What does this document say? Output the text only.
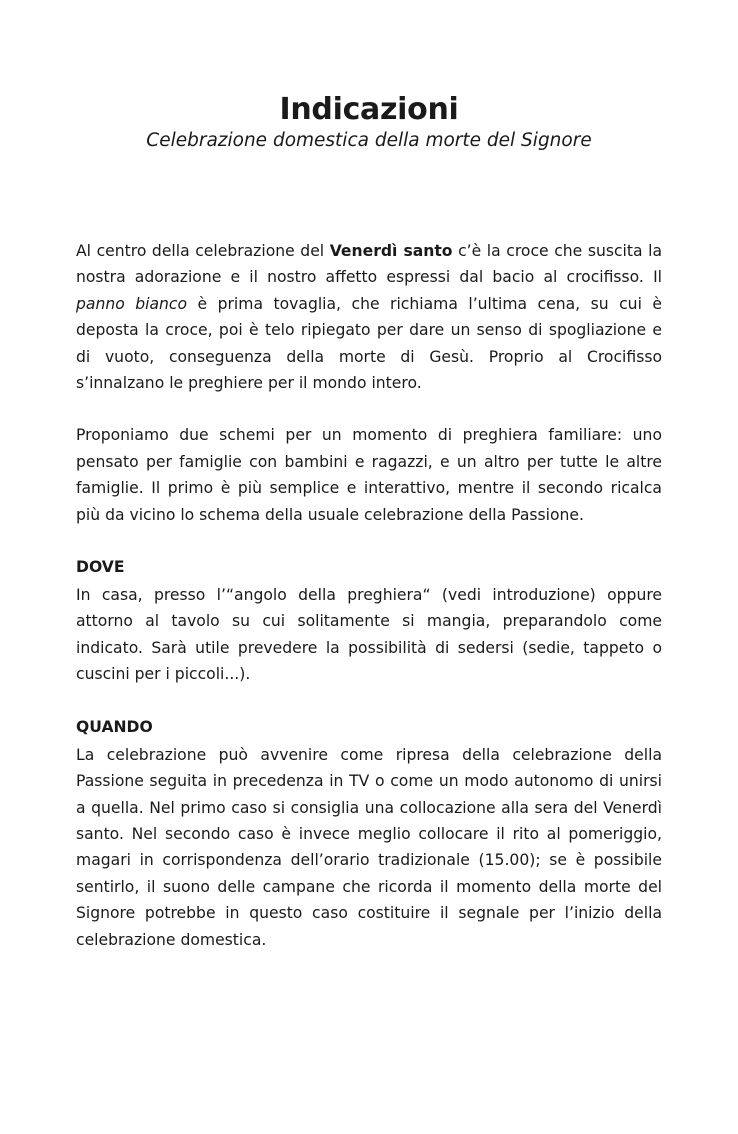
Indicazioni

Celebrazione domestica della morte del Signore

Al centro della celebrazione del Venerdì santo c’è la croce che suscita la nostra adorazione e il nostro affetto espressi dal bacio al crocifisso. Il panno bianco è prima tovaglia, che richiama l’ultima cena, su cui è deposta la croce, poi è telo ripiegato per dare un senso di spogliazione e di vuoto, conseguenza della morte di Gesù. Proprio al Crocifisso s’innalzano le preghiere per il mondo intero.

Proponiamo due schemi per un momento di preghiera familiare: uno pensato per famiglie con bambini e ragazzi, e un altro per tutte le altre famiglie. Il primo è più semplice e interattivo, mentre il secondo ricalca più da vicino lo schema della usuale celebrazione della Passione.

DOVE

In casa, presso l’“angolo della preghiera“ (vedi introduzione) oppure attorno al tavolo su cui solitamente si mangia, preparandolo come indicato. Sarà utile prevedere la possibilità di sedersi (sedie, tappeto o cuscini per i piccoli...).

QUANDO

La celebrazione può avvenire come ripresa della celebrazione della Passione seguita in precedenza in TV o come un modo autonomo di unirsi a quella. Nel primo caso si consiglia una collocazione alla sera del Venerdì santo. Nel secondo caso è invece meglio collocare il rito al pomeriggio, magari in corrispondenza dell’orario tradizionale (15.00); se è possibile sentirlo, il suono delle campane che ricorda il momento della morte del Signore potrebbe in questo caso costituire il segnale per l’inizio della celebrazione domestica.
